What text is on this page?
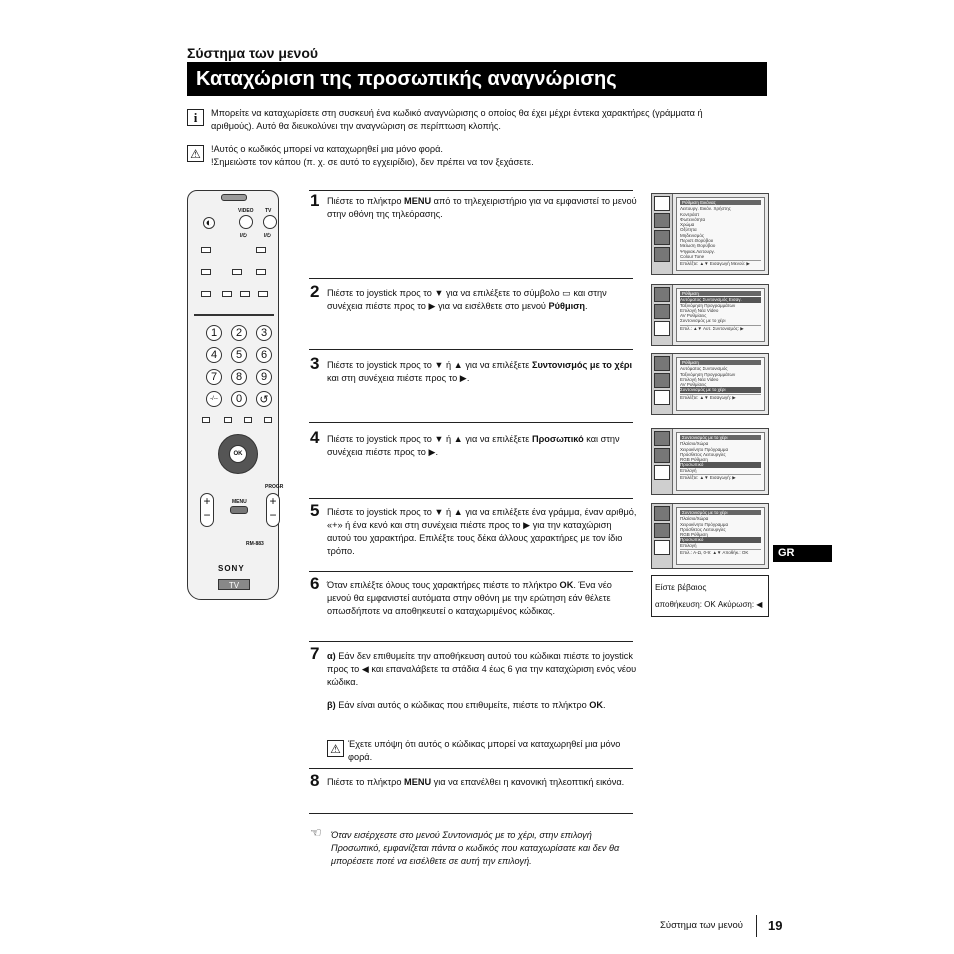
Σύστημα των μενού
Καταχώριση της προσωπικής αναγνώρισης
i Μπορείτε να καταχωρίσετε στη συσκευή ένα κωδικό αναγνώρισης ο οποίος θα έχει μέχρι έντεκα χαρακτήρες (γράμματα ή αριθμούς). Αυτό θα διευκολύνει την αναγνώριση σε περίπτωση κλοπής.
⚠ !Αυτός ο κωδικός μπορεί να καταχωρηθεί μια μόνο φορά.
!Σημειώστε τον κάπου (π. χ. σε αυτό το εγχειρίδιο), δεν πρέπει να τον ξεχάσετε.
◐
VIDEO TV
I/⏻	I/⏻
1	2	3
4	5	6
7	8	9
-/--	0	↺
OK
PROGR
+
−
+
−
MENU
RM-883
SONY
TV
1 Πιέστε το πλήκτρο MENU από το τηλεχειριστήριο για να εμφανιστεί το μενού στην οθόνη της τηλεόρασης.
2 Πιέστε το joystick προς το ▼ για να επιλέξετε το σύμβολο ▭ και στην συνέχεια πιέστε προς το ▶ για να εισέλθετε στο μενού Ρύθμιση.
3 Πιέστε το joystick προς το ▼ ή ▲ για να επιλέξετε Συντονισμός με το χέρι και στη συνέχεια πιέστε προς το ▶.
4 Πιέστε το joystick προς το ▼ ή ▲ για να επιλέξετε Προσωπικό και στην συνέχεια πιέστε προς το ▶.
5 Πιέστε το joystick προς το ▼ ή ▲ για να επιλέξετε ένα γράμμα, έναν αριθμό, «+» ή ένα κενό και στη συνέχεια πιέστε προς το ▶ για την καταχώριση αυτού του χαρακτήρα. Επιλέξτε τους δέκα άλλους χαρακτήρες με τον ίδιο τρόπο.
6 Όταν επιλέξτε όλους τους χαρακτήρες πιέστε το πλήκτρο OK. Ένα νέο μενού θα εμφανιστεί αυτόματα στην οθόνη με την ερώτηση εάν θέλετε οπωσδήποτε να αποθηκευτεί ο καταχωριμένος κώδικας.
7 α) Εάν δεν επιθυμείτε την αποθήκευση αυτού του κώδικαι πιέστε το joystick προς το ◀ και επαναλάβετε τα στάδια 4 έως 6 για την καταχώριση ενός νέου κώδικα.
β) Εάν είναι αυτός ο κώδικας που επιθυμείτε, πιέστε το πλήκτρο OK.
⚠ Έχετε υπόψη ότι αυτός ο κώδικας μπορεί να καταχωρηθεί μια μόνο φορά.
8 Πιέστε το πλήκτρο MENU για να επανέλθει η κανονική τηλεοπτική εικόνα.
☜ Όταν εισέρχεστε στο μενού Συντονισμός με το χέρι, στην επιλογή Προσωπικό, εμφανίζεται πάντα ο κωδικός που καταχωρίσατε και δεν θα μπορέσετε ποτέ να εισέλθετε σε αυτή την επιλογή.
Ρύθμιση Εικόνας
Λειτουργ. Εικόν. Χρήστης
Κοντράστ
Φωτεινότητα
Χρώμα
Οξύτητα
Μηδενισμός
Περιστ.Θορύβου
Μείωση Θορύβου
Ψηφιακ.Λειτουργ.
Colour Tone
Επιλέξτε: ▲▼ Εισαγωγή Μενού: ▶
Ρύθμιση
Αυτόματος Συντονισμός Εισαγ.
Ταξινόμηση Προγραμμάτων
Επιλογή Νέα Video
AV Ρυθμίσεις
Συντονισμός με το χέρι
Επιλ.: ▲▼ Αυτ. Συντονισμός: ▶
Ρύθμιση
Αυτόματος Συντονισμός
Ταξινόμηση Προγραμμάτων
Επιλογή Νέα Video
AV Ρυθμίσεις
Συντονισμός με το χέρι
Επιλέξτε: ▲▼ Εισαγωγή: ▶
Συντονισμός με το χέρι
Πλαίσιο/Χώρα
Χειροκίνητο Πρόγραμμα
Πρόσθετος Λειτουργίες
RGB Ρύθμιση
Προσωπικό
Επιλογή
Επιλέξτε: ▲▼ Εισαγωγή: ▶
Συντονισμός με το χέρι
Πλαίσιο/Χώρα
Χειροκίνητο Πρόγραμμα
Πρόσθετος Λειτουργίες
RGB Ρύθμιση
Προσωπικό
Επιλογή
Επιλ.: A-Ω, 0-9: ▲▼ Αποθήκ.: OK	GR
Είστε βέβαιος
αποθήκευση: OK Ακύρωση: ◀
Σύστημα των μενού 19
